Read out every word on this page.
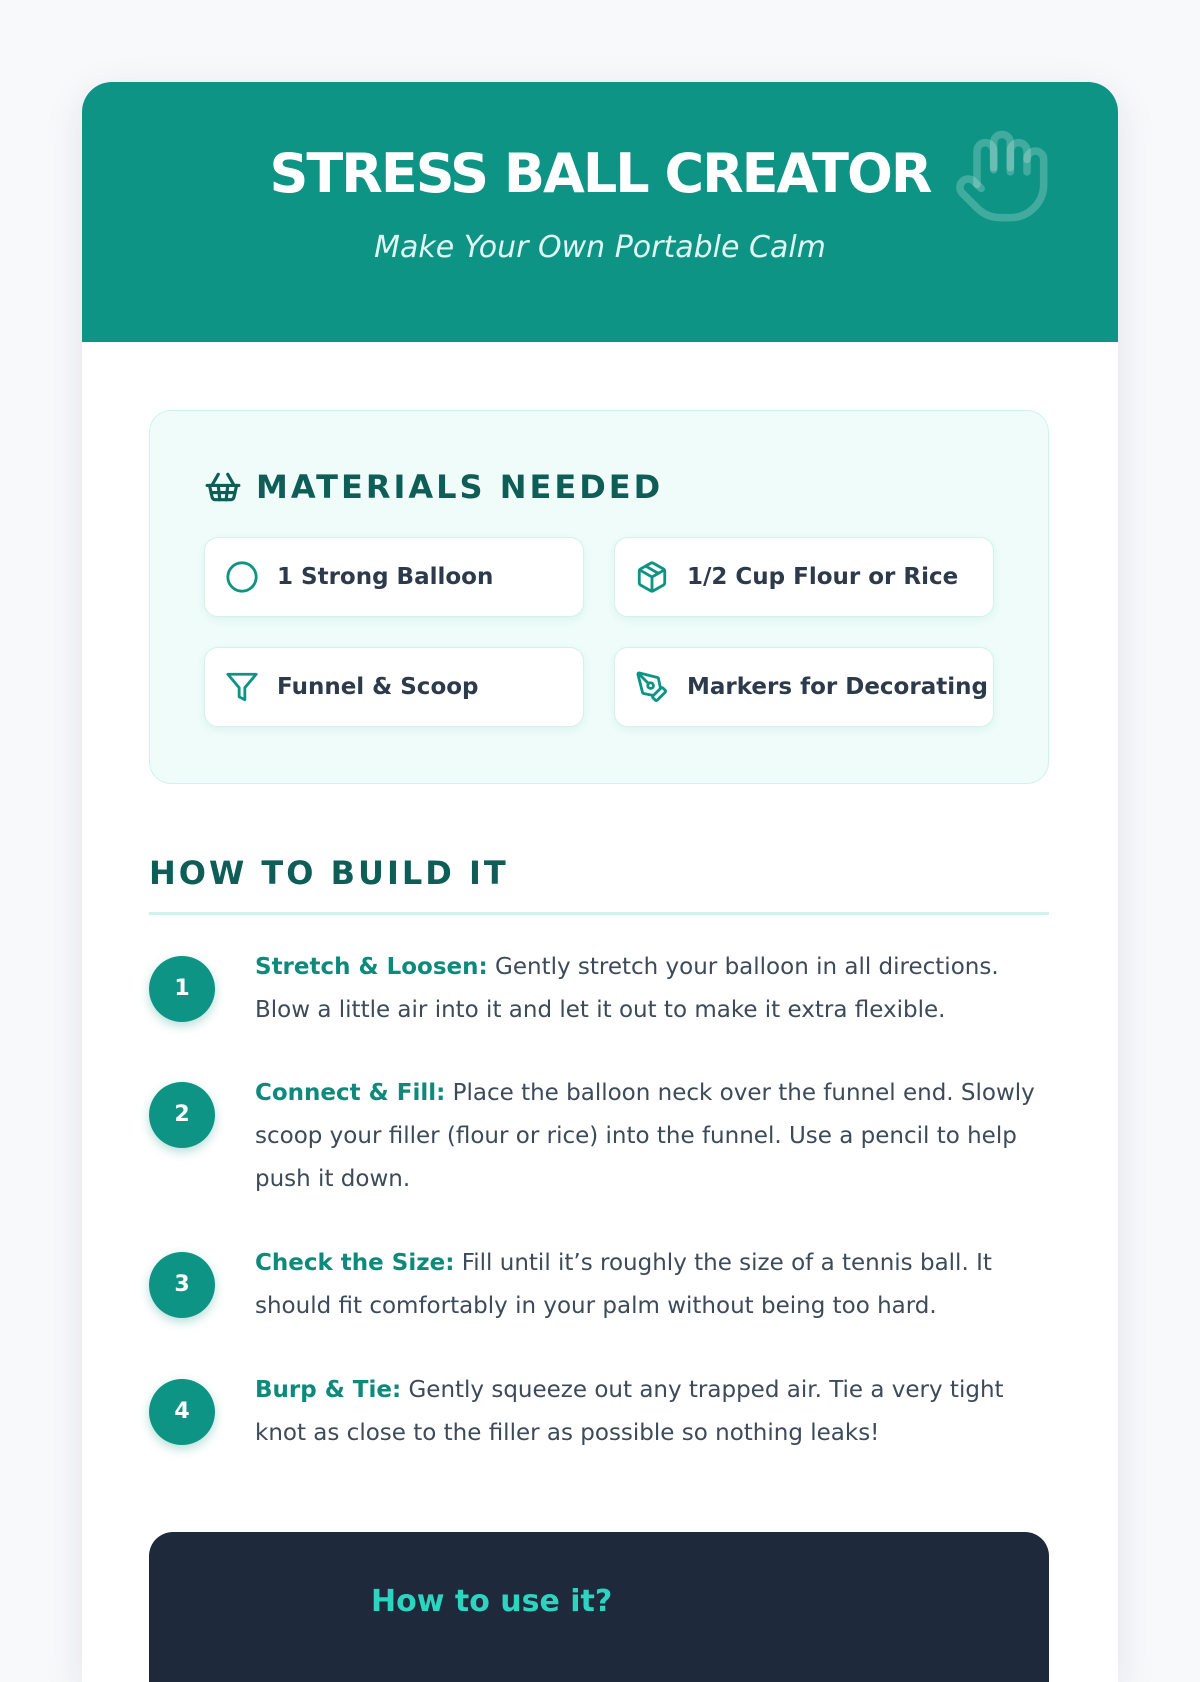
STRESS BALL CREATOR

Make Your Own Portable Calm

MATERIALS NEEDED
1 Strong Balloon	1/2 Cup Flour or Rice
Funnel & Scoop	Markers for Decorating
HOW TO BUILD IT
1

Stretch & Loosen: Gently stretch your balloon in all directions. Blow a little air into it and let it out to make it extra flexible.

2

Connect & Fill: Place the balloon neck over the funnel end. Slowly scoop your filler (flour or rice) into the funnel. Use a pencil to help push it down.

3

Check the Size: Fill until it’s roughly the size of a tennis ball. It should fit comfortably in your palm without being too hard.

4

Burp & Tie: Gently squeeze out any trapped air. Tie a very tight knot as close to the filler as possible so nothing leaks!

How to use it?
